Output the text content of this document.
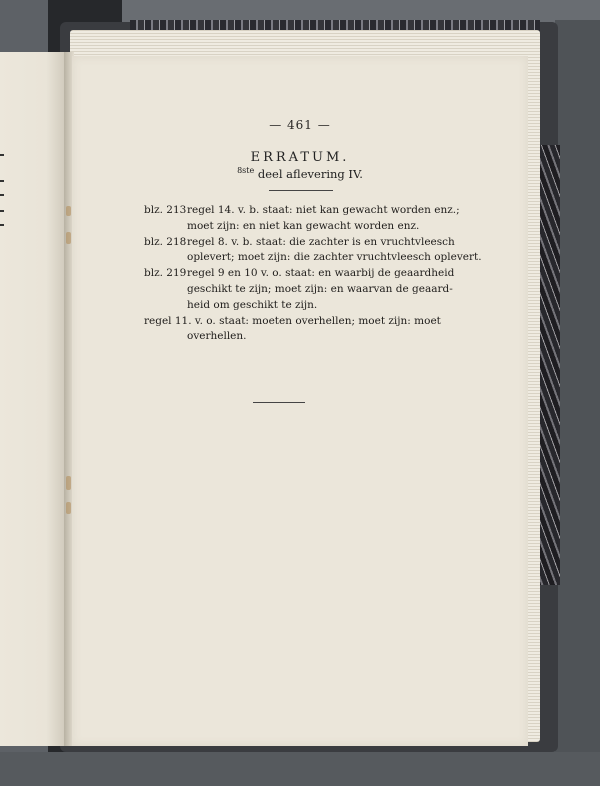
— 461 —
ERRATUM.
$^{8ste}$ deel aflevering IV.
blz. 213 regel 14. v. b. staat: niet kan gewacht worden enz.;
moet zijn: en niet kan gewacht worden enz.
blz. 218 regel 8. v. b. staat: die zachter is en vruchtvleesch
oplevert; moet zijn: die zachter vruchtvleesch oplevert.
blz. 219 regel 9 en 10 v. o. staat: en waarbij de geaardheid
geschikt te zijn; moet zijn: en waarvan de geaard-
heid om geschikt te zijn.
regel 11. v. o. staat: moeten overhellen; moet zijn: moet
overhellen.
